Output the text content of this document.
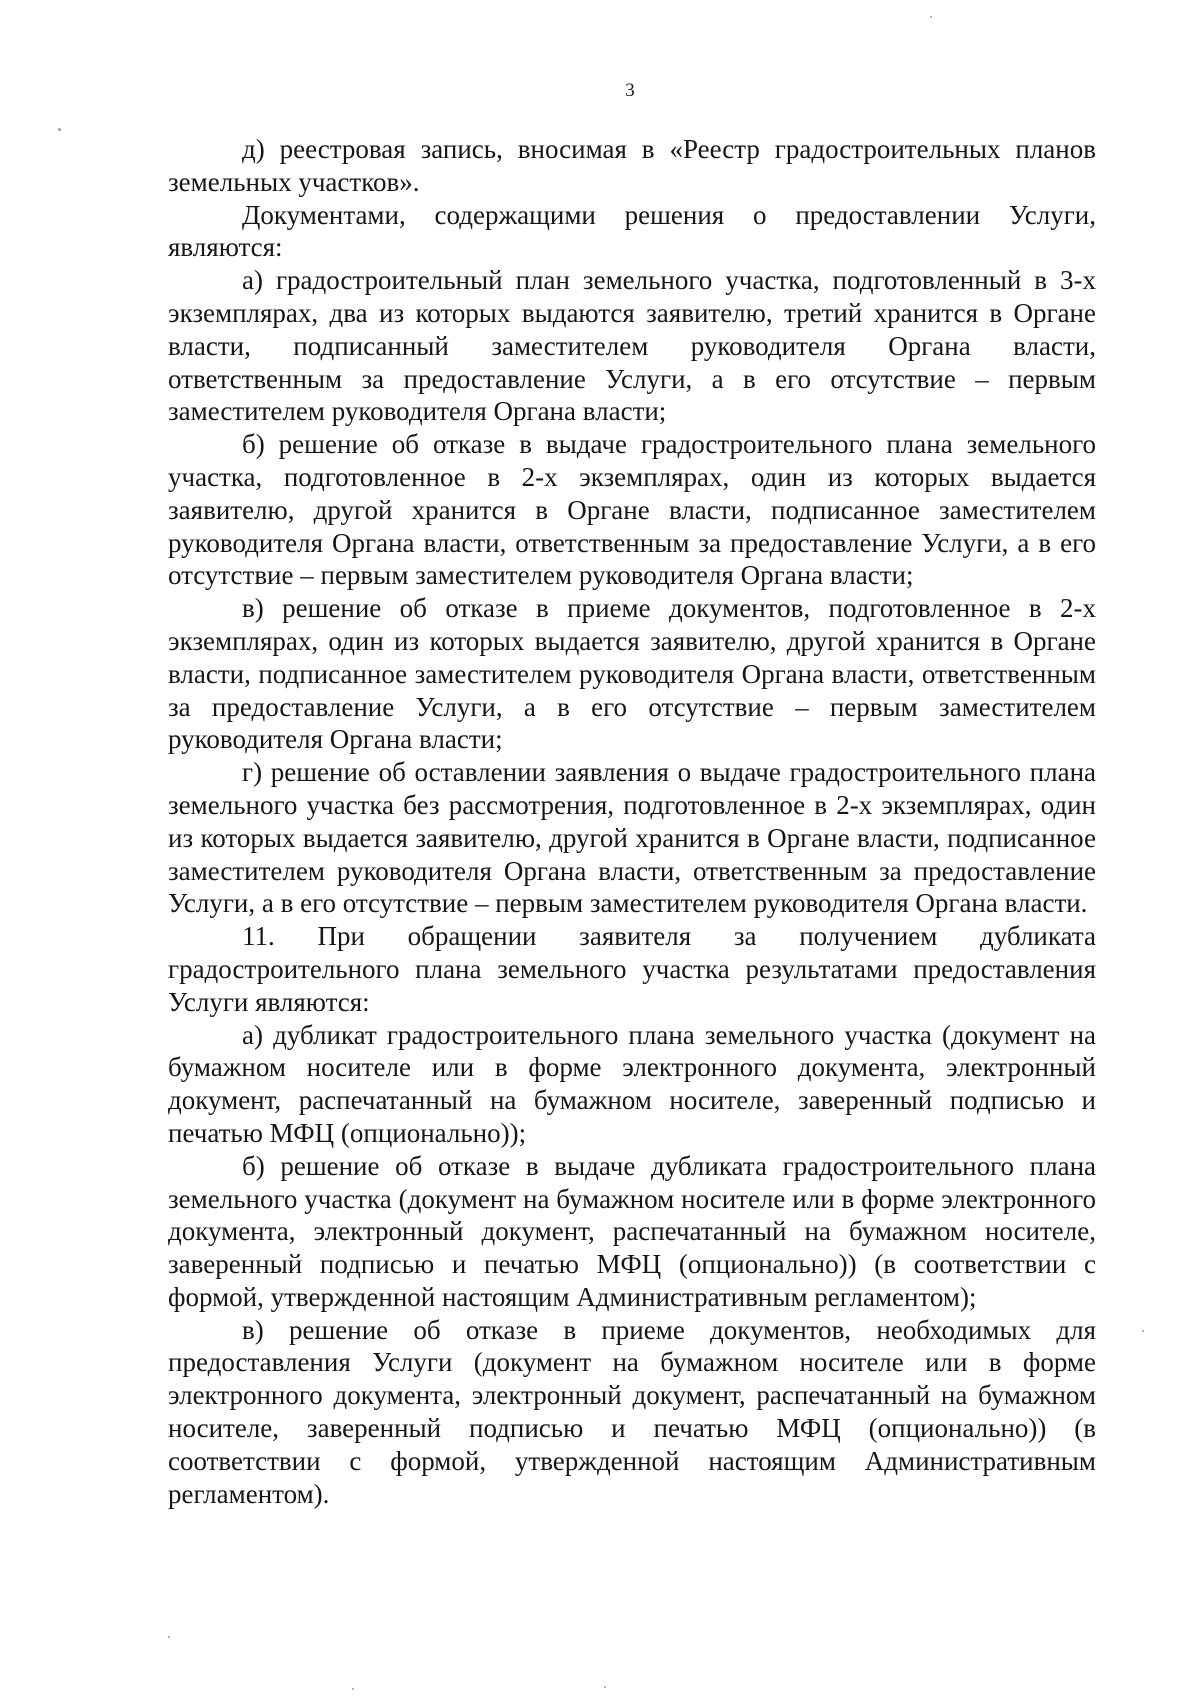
3

д) реестровая запись, вносимая в «Реестр градостроительных планов земельных участков».

Документами, содержащими решения о предоставлении Услуги, являются:

а) градостроительный план земельного участка, подготовленный в 3-х экземплярах, два из которых выдаются заявителю, третий хранится в Органе власти, подписанный заместителем руководителя Органа власти, ответственным за предоставление Услуги, а в его отсутствие – первым заместителем руководителя Органа власти;

б) решение об отказе в выдаче градостроительного плана земельного участка, подготовленное в 2-х экземплярах, один из которых выдается заявителю, другой хранится в Органе власти, подписанное заместителем руководителя Органа власти, ответственным за предоставление Услуги, а в его отсутствие – первым заместителем руководителя Органа власти;

в) решение об отказе в приеме документов, подготовленное в 2-х экземплярах, один из которых выдается заявителю, другой хранится в Органе власти, подписанное заместителем руководителя Органа власти, ответственным за предоставление Услуги, а в его отсутствие – первым заместителем руководителя Органа власти;

г) решение об оставлении заявления о выдаче градостроительного плана земельного участка без рассмотрения, подготовленное в 2-х экземплярах, один из которых выдается заявителю, другой хранится в Органе власти, подписанное заместителем руководителя Органа власти, ответственным за предоставление Услуги, а в его отсутствие – первым заместителем руководителя Органа власти.

11. При обращении заявителя за получением дубликата градостроительного плана земельного участка результатами предоставления Услуги являются:

а) дубликат градостроительного плана земельного участка (документ на бумажном носителе или в форме электронного документа, электронный документ, распечатанный на бумажном носителе, заверенный подписью и печатью МФЦ (опционально));

б) решение об отказе в выдаче дубликата градостроительного плана земельного участка (документ на бумажном носителе или в форме электронного документа, электронный документ, распечатанный на бумажном носителе, заверенный подписью и печатью МФЦ (опционально)) (в соответствии с формой, утвержденной настоящим Административным регламентом);

в) решение об отказе в приеме документов, необходимых для предоставления Услуги (документ на бумажном носителе или в форме электронного документа, электронный документ, распечатанный на бумажном носителе, заверенный подписью и печатью МФЦ (опционально)) (в соответствии с формой, утвержденной настоящим Административным регламентом).
